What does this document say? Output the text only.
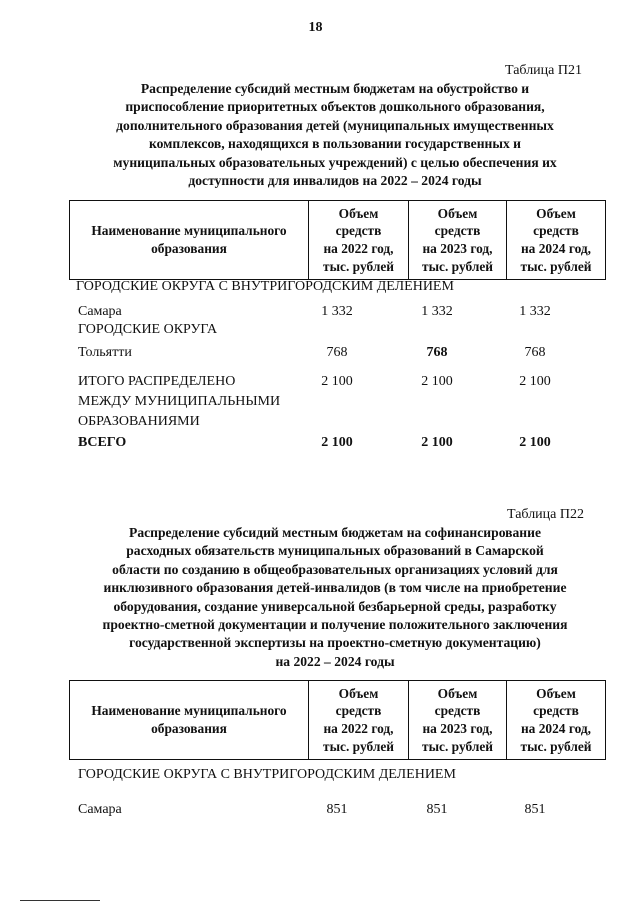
18
Таблица П21
Распределение субсидий местным бюджетам на обустройство и
приспособление приоритетных объектов дошкольного образования,
дополнительного образования детей (муниципальных имущественных
комплексов, находящихся в пользовании государственных и
муниципальных образовательных учреждений) с целью обеспечения их
доступности для инвалидов на 2022 – 2024 годы
Наименование муниципального
образования

Объем
средств
на 2022 год,
тыс. рублей

Объем
средств
на 2023 год,
тыс. рублей

Объем
средств
на 2024 год,
тыс. рублей
ГОРОДСКИЕ ОКРУГА С ВНУТРИГОРОДСКИМ ДЕЛЕНИЕМ
Самара	1 332	1 332	1 332
ГОРОДСКИЕ ОКРУГА
Тольятти	768	768	768
ИТОГО РАСПРЕДЕЛЕНО
МЕЖДУ МУНИЦИПАЛЬНЫМИ
ОБРАЗОВАНИЯМИ
2 100	2 100	2 100
ВСЕГО	2 100	2 100	2 100
Таблица П22
Распределение субсидий местным бюджетам на софинансирование
расходных обязательств муниципальных образований в Самарской
области по созданию в общеобразовательных организациях условий для
инклюзивного образования детей-инвалидов (в том числе на приобретение
оборудования, создание универсальной безбарьерной среды, разработку
проектно-сметной документации и получение положительного заключения
государственной экспертизы на проектно-сметную документацию)
на 2022 – 2024 годы
Наименование муниципального
образования

Объем
средств
на 2022 год,
тыс. рублей

Объем
средств
на 2023 год,
тыс. рублей

Объем
средств
на 2024 год,
тыс. рублей
ГОРОДСКИЕ ОКРУГА С ВНУТРИГОРОДСКИМ ДЕЛЕНИЕМ
Самара	851	851	851
